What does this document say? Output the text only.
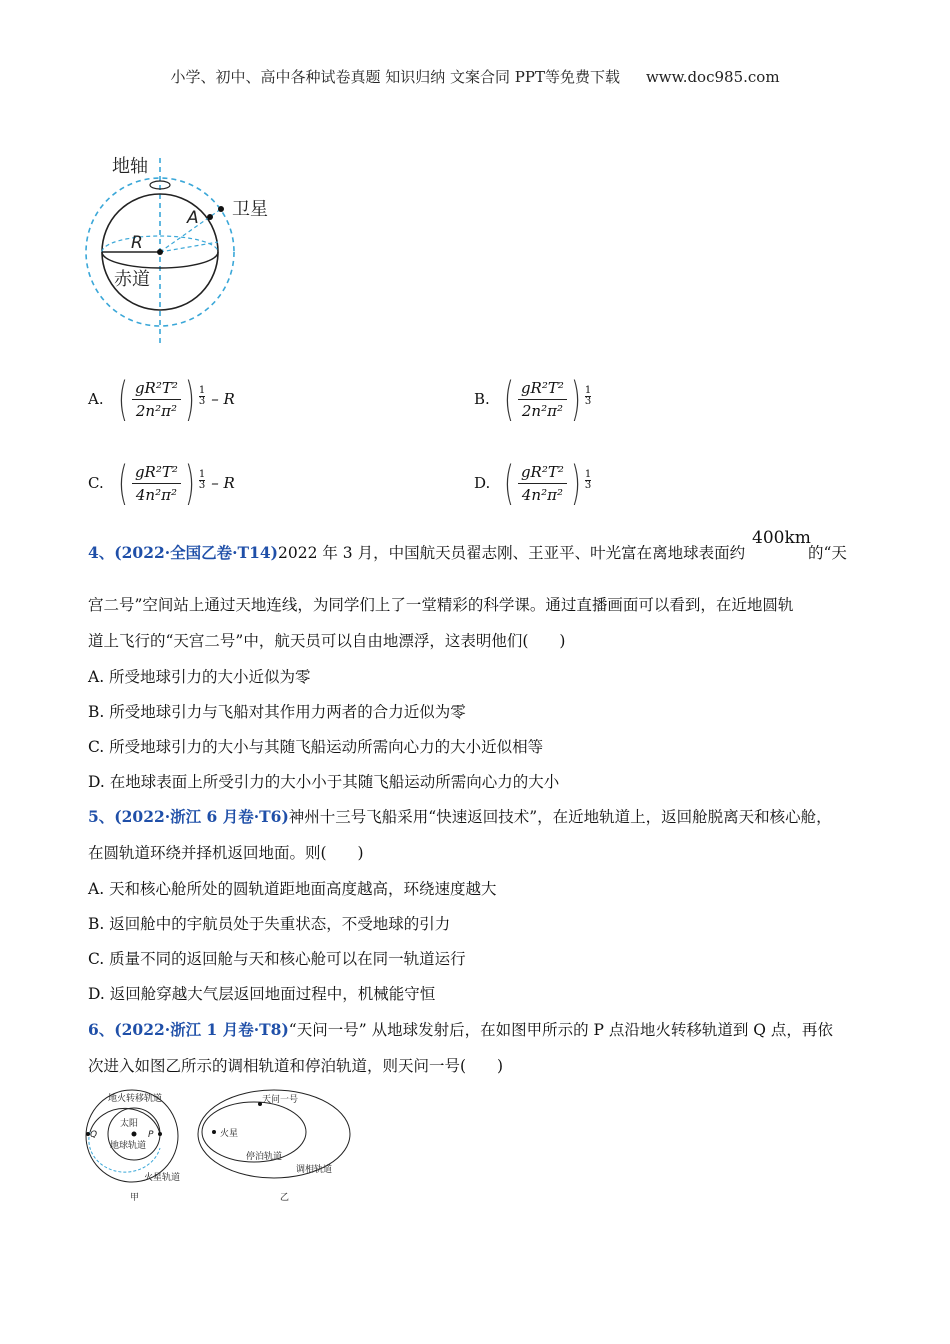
小学、初中、高中各种试卷真题 知识归纳 文案合同 PPT等免费下载 www.doc985.com
地轴
卫星
A
R
赤道
A. ( $\frac{\text{gR²T²}}{\text{2n²π²}}$ ) 1
3 – R	B. ( $\frac{\text{gR²T²}}{\text{2n²π²}}$ ) 1
3
C. ( $\frac{\text{gR²T²}}{\text{4n²π²}}$ ) 1
3 – R	D. ( $\frac{\text{gR²T²}}{\text{4n²π²}}$ ) 1
3
4、(2022·全国乙卷·T14)2022 年 3 月，中国航天员翟志刚、王亚平、叶光富在离地球表面约
400km
的“天
宫二号”空间站上通过天地连线，为同学们上了一堂精彩的科学课。通过直播画面可以看到，在近地圆轨
道上飞行的“天宫二号”中，航天员可以自由地漂浮，这表明他们(　　)
A. 所受地球引力的大小近似为零
B. 所受地球引力与飞船对其作用力两者的合力近似为零
C. 所受地球引力的大小与其随飞船运动所需向心力的大小近似相等
D. 在地球表面上所受引力的大小小于其随飞船运动所需向心力的大小
5、(2022·浙江 6 月卷·T6)神州十三号飞船采用“快速返回技术”，在近地轨道上，返回舱脱离天和核心舱，
在圆轨道环绕并择机返回地面。则(　　)
A. 天和核心舱所处的圆轨道距地面高度越高，环绕速度越大
B. 返回舱中的宇航员处于失重状态，不受地球的引力
C. 质量不同的返回舱与天和核心舱可以在同一轨道运行
D. 返回舱穿越大气层返回地面过程中，机械能守恒
6、(2022·浙江 1 月卷·T8)“天问一号” 从地球发射后，在如图甲所示的 P 点沿地火转移轨道到 Q 点，再依
次进入如图乙所示的调相轨道和停泊轨道，则天问一号(　　)
地火转移轨道
太阳
P
Q
地球轨道
火星轨道
甲
天问一号
火星
停泊轨道
调相轨道
乙
